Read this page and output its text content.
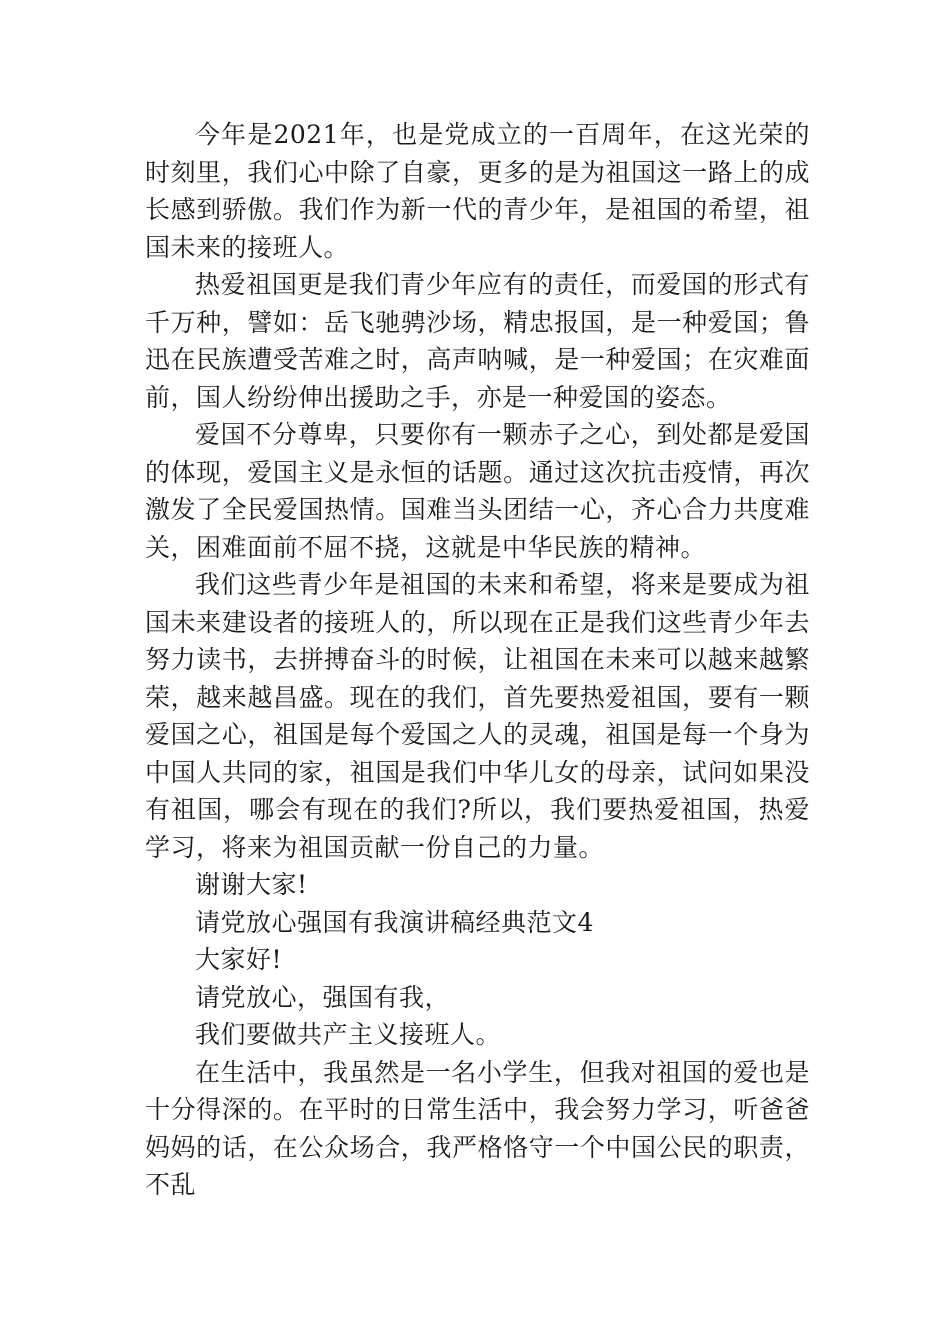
今年是2021年，也是党成立的一百周年，在这光荣的时刻里，我们心中除了自豪，更多的是为祖国这一路上的成长感到骄傲。我们作为新一代的青少年，是祖国的希望，祖国未来的接班人。

热爱祖国更是我们青少年应有的责任，而爱国的形式有千万种，譬如：岳飞驰骋沙场，精忠报国，是一种爱国；鲁迅在民族遭受苦难之时，高声呐喊，是一种爱国；在灾难面前，国人纷纷伸出援助之手，亦是一种爱国的姿态。

爱国不分尊卑，只要你有一颗赤子之心，到处都是爱国的体现，爱国主义是永恒的话题。通过这次抗击疫情，再次激发了全民爱国热情。国难当头团结一心，齐心合力共度难关，困难面前不屈不挠，这就是中华民族的精神。

我们这些青少年是祖国的未来和希望，将来是要成为祖国未来建设者的接班人的，所以现在正是我们这些青少年去努力读书，去拼搏奋斗的时候，让祖国在未来可以越来越繁荣，越来越昌盛。现在的我们，首先要热爱祖国，要有一颗爱国之心，祖国是每个爱国之人的灵魂，祖国是每一个身为中国人共同的家，祖国是我们中华儿女的母亲，试问如果没有祖国，哪会有现在的我们?所以，我们要热爱祖国，热爱学习，将来为祖国贡献一份自己的力量。

谢谢大家!

请党放心强国有我演讲稿经典范文4

大家好!

请党放心，强国有我，

我们要做共产主义接班人。

在生活中，我虽然是一名小学生，但我对祖国的爱也是十分得深的。在平时的日常生活中，我会努力学习，听爸爸妈妈的话，在公众场合，我严格恪守一个中国公民的职责，不乱
